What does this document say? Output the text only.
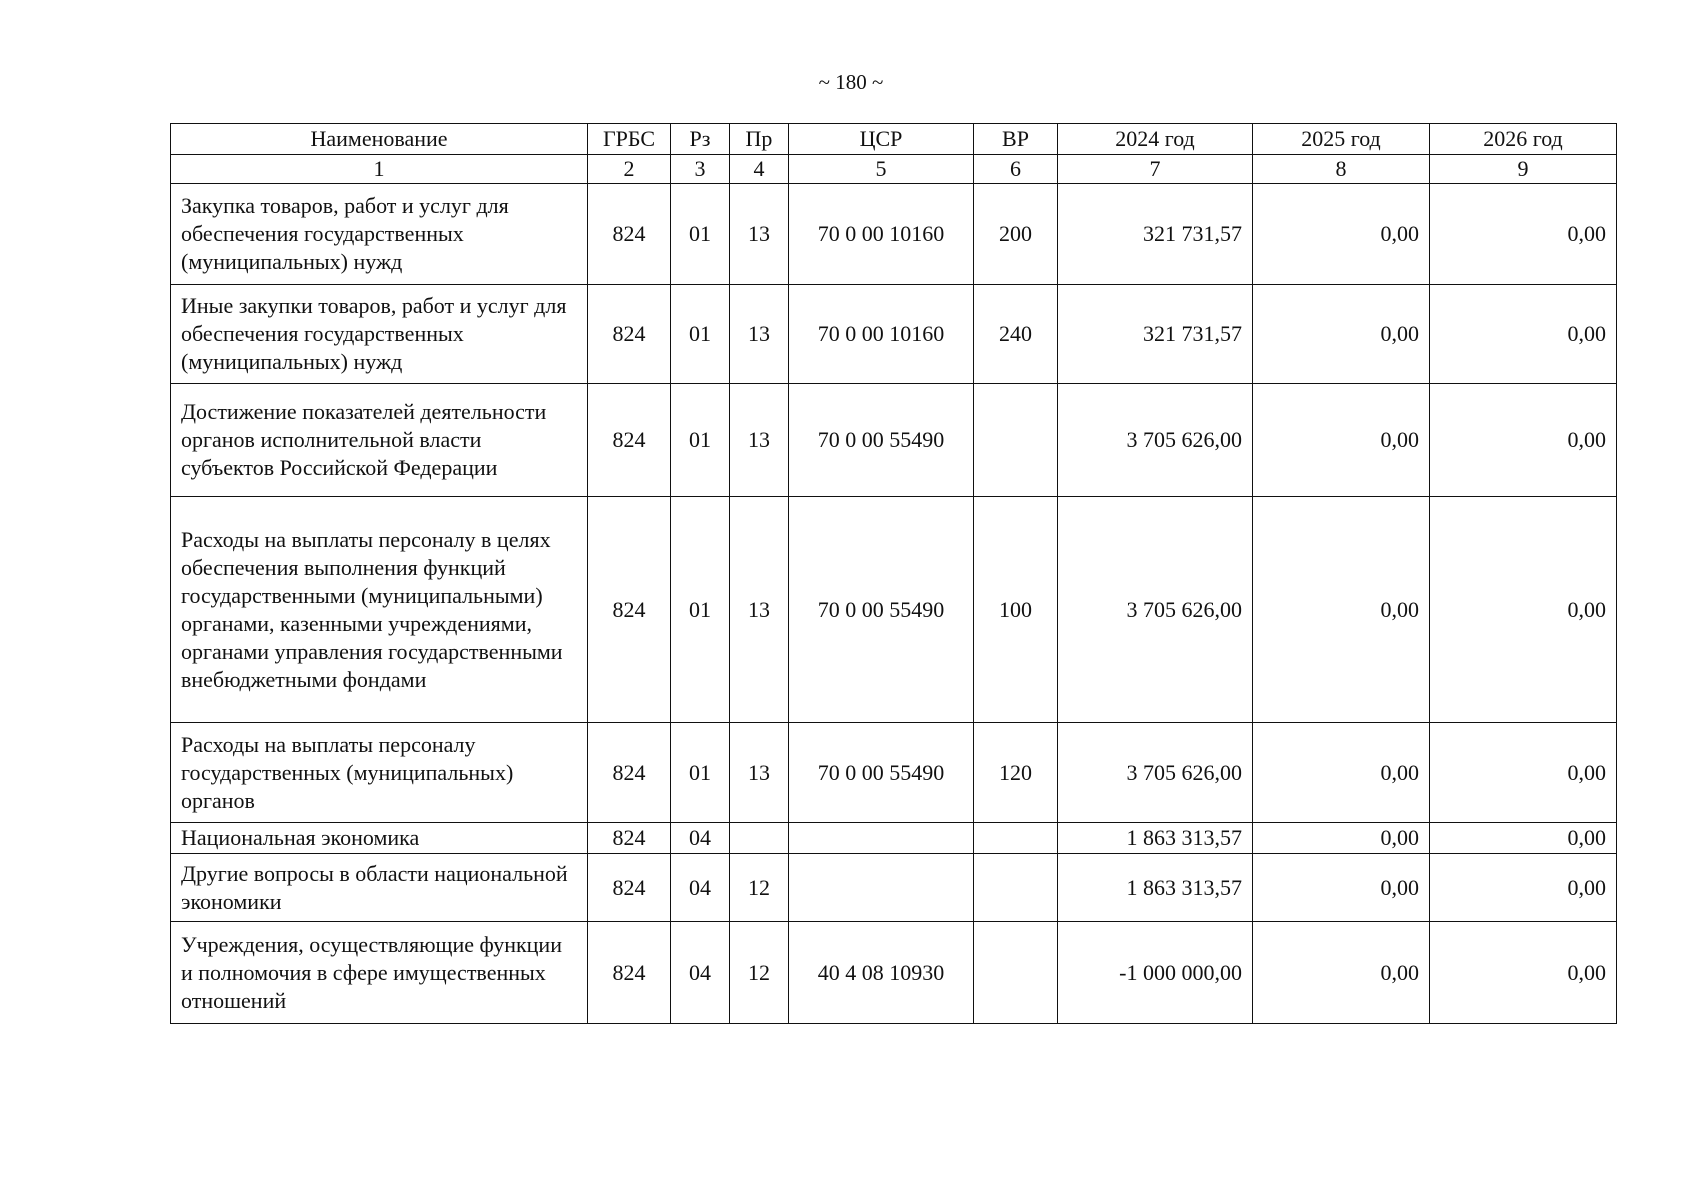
~ 180 ~
Наименование	ГРБС	Рз	Пр	ЦСР	ВР	2024 год	2025 год	2026 год
1	2	3	4	5	6	7	8	9
Закупка товаров, работ и услуг для обеспечения государственных (муниципальных) нужд	824	01	13	70 0 00 10160	200	321 731,57	0,00	0,00
Иные закупки товаров, работ и услуг для обеспечения государственных (муниципальных) нужд	824	01	13	70 0 00 10160	240	321 731,57	0,00	0,00
Достижение показателей деятельности органов исполнительной власти субъектов Российской Федерации	824	01	13	70 0 00 55490		3 705 626,00	0,00	0,00
Расходы на выплаты персоналу в целях обеспечения выполнения функций государственными (муниципальными) органами, казенными учреждениями, органами управления государственными внебюджетными фондами	824	01	13	70 0 00 55490	100	3 705 626,00	0,00	0,00
Расходы на выплаты персоналу государственных (муниципальных) органов	824	01	13	70 0 00 55490	120	3 705 626,00	0,00	0,00
Национальная экономика	824	04				1 863 313,57	0,00	0,00
Другие вопросы в области национальной экономики	824	04	12			1 863 313,57	0,00	0,00
Учреждения, осуществляющие функции и полномочия в сфере имущественных отношений	824	04	12	40 4 08 10930		-1 000 000,00	0,00	0,00
